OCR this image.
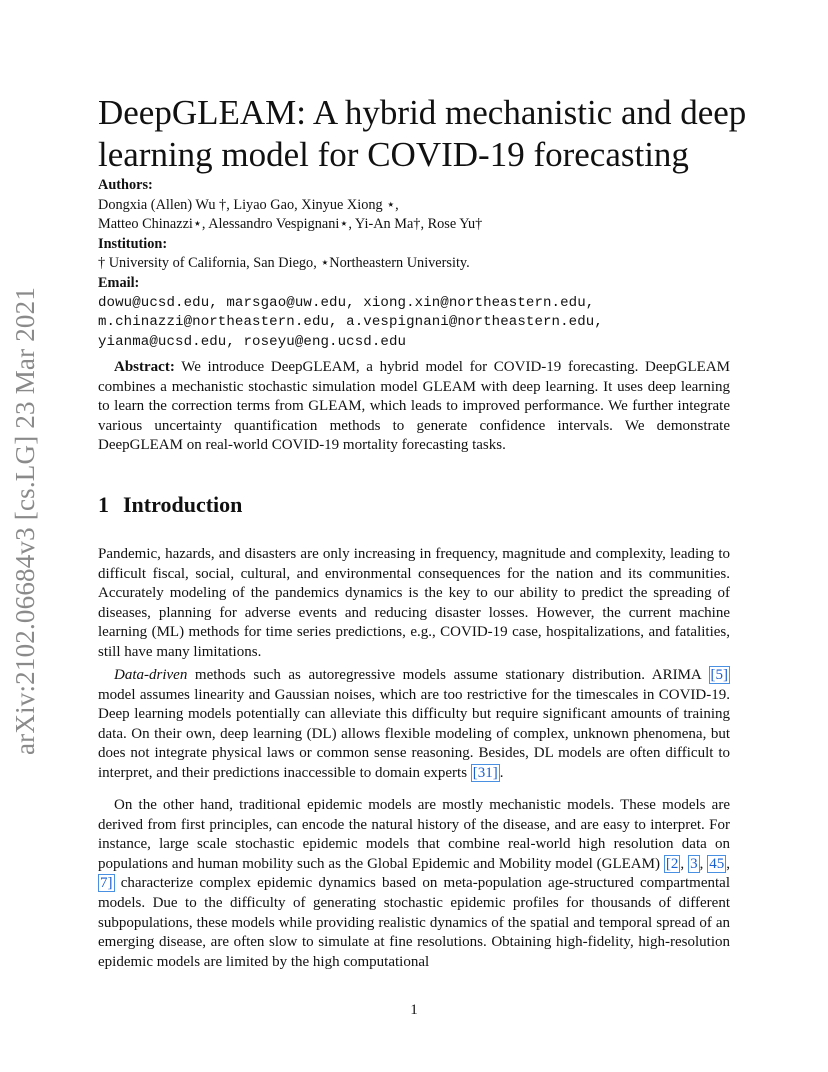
arXiv:2102.06684v3 [cs.LG] 23 Mar 2021
DeepGLEAM: A hybrid mechanistic and deep learning model for COVID-19 forecasting
Authors:
Dongxia (Allen) Wu †, Liyao Gao, Xinyue Xiong ⋆,
Matteo Chinazzi⋆, Alessandro Vespignani⋆, Yi-An Ma†, Rose Yu†
Institution:
† University of California, San Diego, ⋆Northeastern University.
Email:
dowu@ucsd.edu, marsgao@uw.edu, xiong.xin@northeastern.edu,
m.chinazzi@northeastern.edu, a.vespignani@northeastern.edu,
yianma@ucsd.edu, roseyu@eng.ucsd.edu

Abstract: We introduce DeepGLEAM, a hybrid model for COVID-19 forecasting. DeepGLEAM combines a mechanistic stochastic simulation model GLEAM with deep learning. It uses deep learning to learn the correction terms from GLEAM, which leads to improved performance. We further integrate various uncertainty quantification methods to generate confidence intervals. We demonstrate DeepGLEAM on real-world COVID-19 mortality forecasting tasks.

1 Introduction

Pandemic, hazards, and disasters are only increasing in frequency, magnitude and complexity, leading to difficult fiscal, social, cultural, and environmental consequences for the nation and its communities. Accurately modeling of the pandemics dynamics is the key to our ability to predict the spreading of diseases, planning for adverse events and reducing disaster losses. However, the current machine learning (ML) methods for time series predictions, e.g., COVID-19 case, hospitalizations, and fatalities, still have many limitations.

Data-driven methods such as autoregressive models assume stationary distribution. ARIMA [5] model assumes linearity and Gaussian noises, which are too restrictive for the timescales in COVID-19. Deep learning models potentially can alleviate this difficulty but require significant amounts of training data. On their own, deep learning (DL) allows flexible modeling of complex, unknown phenomena, but does not integrate physical laws or common sense reasoning. Besides, DL models are often difficult to interpret, and their predictions inaccessible to domain experts [31] .

On the other hand, traditional epidemic models are mostly mechanistic models. These models are derived from first principles, can encode the natural history of the disease, and are easy to interpret. For instance, large scale stochastic epidemic models that combine real-world high resolution data on populations and human mobility such as the Global Epidemic and Mobility model (GLEAM) [2 , 3 , 45 , 7] characterize complex epidemic dynamics based on meta-population age-structured compartmental models. Due to the difficulty of generating stochastic epidemic profiles for thousands of different subpopulations, these models while providing realistic dynamics of the spatial and temporal spread of an emerging disease, are often slow to simulate at fine resolutions. Obtaining high-fidelity, high-resolution epidemic models are limited by the high computational

1
